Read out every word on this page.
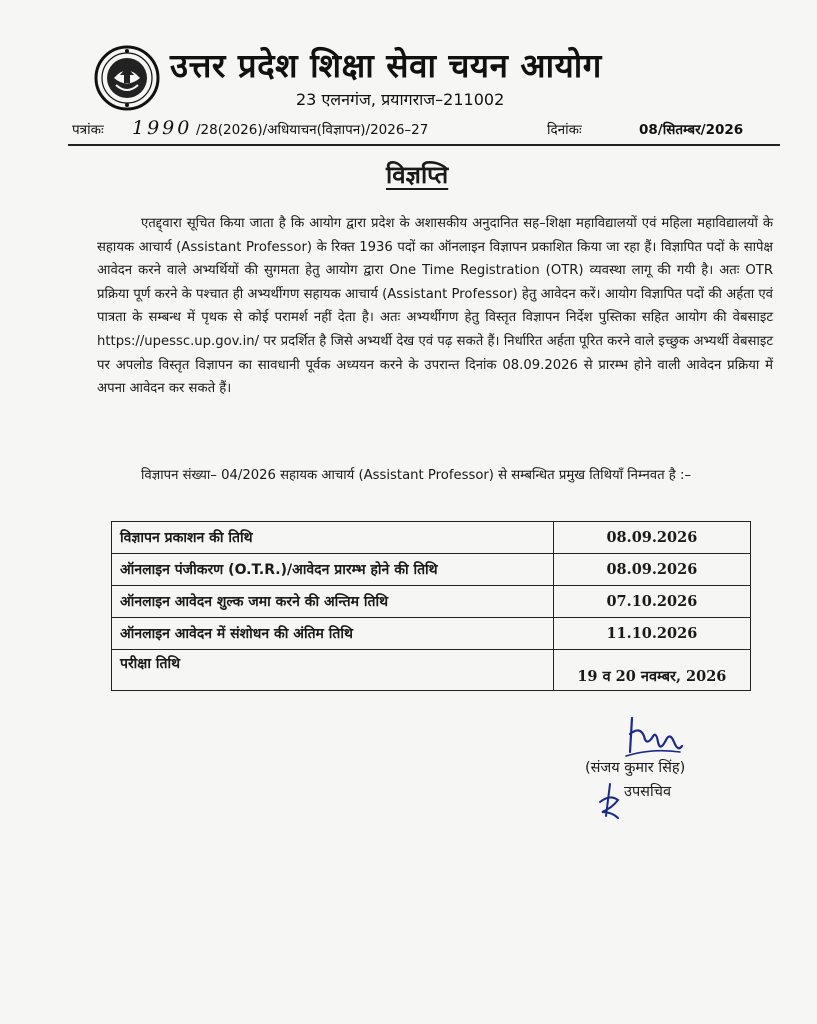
उत्तर प्रदेश शिक्षा सेवा चयन आयोग
23 एलनगंज, प्रयागराज–211002
पत्रांकः 1990 /28(2026)/अधियाचन(विज्ञापन)/2026–27	दिनांकः	08/सितम्बर/2026
विज्ञप्ति

एतद्द्वारा सूचित किया जाता है कि आयोग द्वारा प्रदेश के अशासकीय अनुदानित सह–शिक्षा महाविद्यालयों एवं महिला महाविद्यालयों के सहायक आचार्य (Assistant Professor) के रिक्त 1936 पदों का ऑनलाइन विज्ञापन प्रकाशित किया जा रहा हैं। विज्ञापित पदों के सापेक्ष आवेदन करने वाले अभ्यर्थियों की सुगमता हेतु आयोग द्वारा One Time Registration (OTR) व्यवस्था लागू की गयी है। अतः OTR प्रक्रिया पूर्ण करने के पश्चात ही अभ्यर्थीगण सहायक आचार्य (Assistant Professor) हेतु आवेदन करें। आयोग विज्ञापित पदों की अर्हता एवं पात्रता के सम्बन्ध में पृथक से कोई परामर्श नहीं देता है। अतः अभ्यर्थीगण हेतु विस्तृत विज्ञापन निर्देश पुस्तिका सहित आयोग की वेबसाइट https://upessc.up.gov.in/ पर प्रदर्शित है जिसे अभ्यर्थी देख एवं पढ़ सकते हैं। निर्धारित अर्हता पूरित करने वाले इच्छुक अभ्यर्थी वेबसाइट पर अपलोड विस्तृत विज्ञापन का सावधानी पूर्वक अध्ययन करने के उपरान्त दिनांक 08.09.2026 से प्रारम्भ होने वाली आवेदन प्रक्रिया में अपना आवेदन कर सकते हैं।

विज्ञापन संख्या– 04/2026 सहायक आचार्य (Assistant Professor) से सम्बन्धित प्रमुख तिथियाँ निम्नवत है :–

विज्ञापन प्रकाशन की तिथि	08.09.2026
ऑनलाइन पंजीकरण (O.T.R.)/आवेदन प्रारम्भ होने की तिथि	08.09.2026
ऑनलाइन आवेदन शुल्क जमा करने की अन्तिम तिथि	07.10.2026
ऑनलाइन आवेदन में संशोधन की अंतिम तिथि	11.10.2026
परीक्षा तिथि	19 व 20 नवम्बर, 2026
(संजय कुमार सिंह)
उपसचिव
